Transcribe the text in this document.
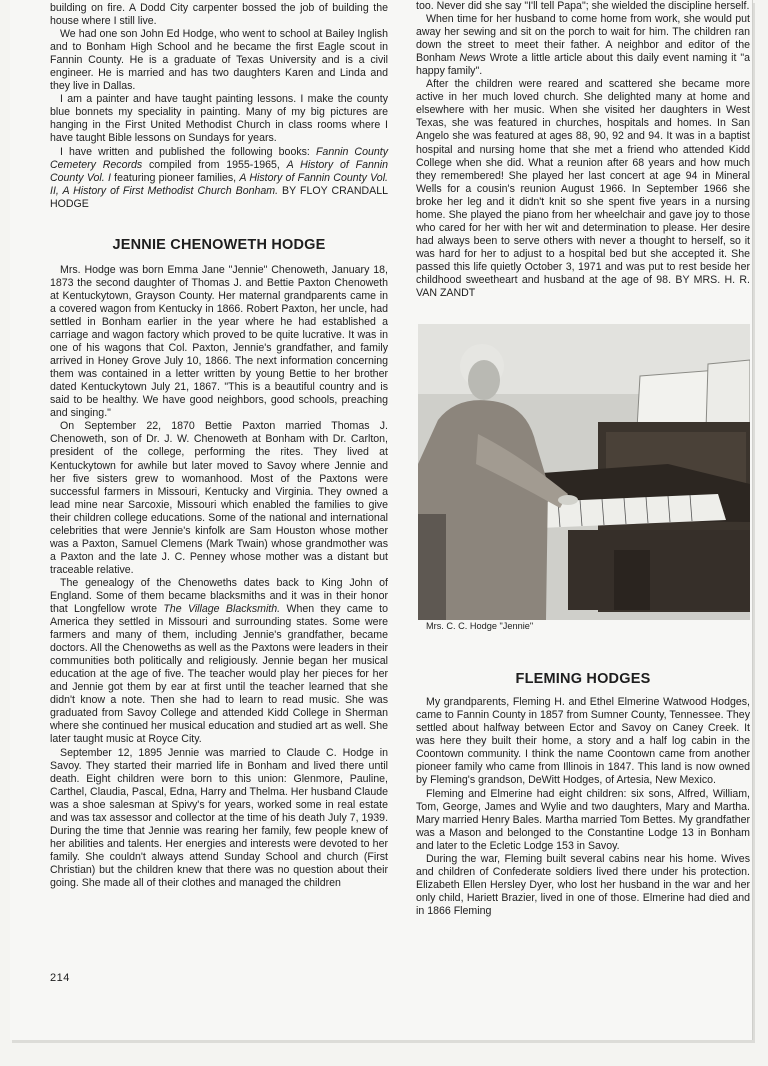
building on fire. A Dodd City carpenter bossed the job of building the house where I still live.

We had one son John Ed Hodge, who went to school at Bailey Inglish and to Bonham High School and he became the first Eagle scout in Fannin County. He is a graduate of Texas University and is a civil engineer. He is married and has two daughters Karen and Linda and they live in Dallas.

I am a painter and have taught painting lessons. I make the county blue bonnets my speciality in painting. Many of my big pictures are hanging in the First United Methodist Church in class rooms where I have taught Bible lessons on Sundays for years.

I have written and published the following books: Fannin County Cemetery Records compiled from 1955-1965, A History of Fannin County Vol. I featuring pioneer families, A History of Fannin County Vol. II, A History of First Methodist Church Bonham. BY FLOY CRANDALL HODGE

JENNIE CHENOWETH HODGE

Mrs. Hodge was born Emma Jane "Jennie" Chenoweth, January 18, 1873 the second daughter of Thomas J. and Bettie Paxton Chenoweth at Kentuckytown, Grayson County. Her maternal grandparents came in a covered wagon from Kentucky in 1866. Robert Paxton, her uncle, had settled in Bonham earlier in the year where he had established a carriage and wagon factory which proved to be quite lucrative. It was in one of his wagons that Col. Paxton, Jennie's grandfather, and family arrived in Honey Grove July 10, 1866. The next information concerning them was contained in a letter written by young Bettie to her brother dated Kentuckytown July 21, 1867. "This is a beautiful country and is said to be healthy. We have good neighbors, good schools, preaching and singing."

On September 22, 1870 Bettie Paxton married Thomas J. Chenoweth, son of Dr. J. W. Chenoweth at Bonham with Dr. Carlton, president of the college, performing the rites. They lived at Kentuckytown for awhile but later moved to Savoy where Jennie and her five sisters grew to womanhood. Most of the Paxtons were successful farmers in Missouri, Kentucky and Virginia. They owned a lead mine near Sarcoxie, Missouri which enabled the families to give their children college educations. Some of the national and international celebrities that were Jennie's kinfolk are Sam Houston whose mother was a Paxton, Samuel Clemens (Mark Twain) whose grandmother was a Paxton and the late J. C. Penney whose mother was a distant but traceable relative.

The genealogy of the Chenoweths dates back to King John of England. Some of them became blacksmiths and it was in their honor that Longfellow wrote The Village Blacksmith. When they came to America they settled in Missouri and surrounding states. Some were farmers and many of them, including Jennie's grandfather, became doctors. All the Chenoweths as well as the Paxtons were leaders in their communities both politically and religiously. Jennie began her musical education at the age of five. The teacher would play her pieces for her and Jennie got them by ear at first until the teacher learned that she didn't know a note. Then she had to learn to read music. She was graduated from Savoy College and attended Kidd College in Sherman where she continued her musical education and studied art as well. She later taught music at Royce City.

September 12, 1895 Jennie was married to Claude C. Hodge in Savoy. They started their married life in Bonham and lived there until death. Eight children were born to this union: Glenmore, Pauline, Carthel, Claudia, Pascal, Edna, Harry and Thelma. Her husband Claude was a shoe salesman at Spivy's for years, worked some in real estate and was tax assessor and collector at the time of his death July 7, 1939. During the time that Jennie was rearing her family, few people knew of her abilities and talents. Her energies and interests were devoted to her family. She couldn't always attend Sunday School and church (First Christian) but the children knew that there was no question about their going. She made all of their clothes and managed the children

too. Never did she say "I'll tell Papa"; she wielded the discipline herself.

When time for her husband to come home from work, she would put away her sewing and sit on the porch to wait for him. The children ran down the street to meet their father. A neighbor and editor of the Bonham News Wrote a little article about this daily event naming it "a happy family".

After the children were reared and scattered she became more active in her much loved church. She delighted many at home and elsewhere with her music. When she visited her daughters in West Texas, she was featured in churches, hospitals and homes. In San Angelo she was featured at ages 88, 90, 92 and 94. It was in a baptist hospital and nursing home that she met a friend who attended Kidd College when she did. What a reunion after 68 years and how much they remembered! She played her last concert at age 94 in Mineral Wells for a cousin's reunion August 1966. In September 1966 she broke her leg and it didn't knit so she spent five years in a nursing home. She played the piano from her wheelchair and gave joy to those who cared for her with her wit and determination to please. Her desire had always been to serve others with never a thought to herself, so it was hard for her to adjust to a hospital bed but she accepted it. She passed this life quietly October 3, 1971 and was put to rest beside her childhood sweetheart and husband at the age of 98. BY MRS. H. R. VAN ZANDT

Mrs. C. C. Hodge "Jennie"

FLEMING HODGES

My grandparents, Fleming H. and Ethel Elmerine Watwood Hodges, came to Fannin County in 1857 from Sumner County, Tennessee. They settled about halfway between Ector and Savoy on Caney Creek. It was here they built their home, a story and a half log cabin in the Coontown community. I think the name Coontown came from another pioneer family who came from Illinois in 1847. This land is now owned by Fleming's grandson, DeWitt Hodges, of Artesia, New Mexico.

Fleming and Elmerine had eight children: six sons, Alfred, William, Tom, George, James and Wylie and two daughters, Mary and Martha. Mary married Henry Bales. Martha married Tom Bettes. My grandfather was a Mason and belonged to the Constantine Lodge 13 in Bonham and later to the Ecletic Lodge 153 in Savoy.

During the war, Fleming built several cabins near his home. Wives and children of Confederate soldiers lived there under his protection. Elizabeth Ellen Hersley Dyer, who lost her husband in the war and her only child, Hariett Brazier, lived in one of those. Elmerine had died and in 1866 Fleming

214
